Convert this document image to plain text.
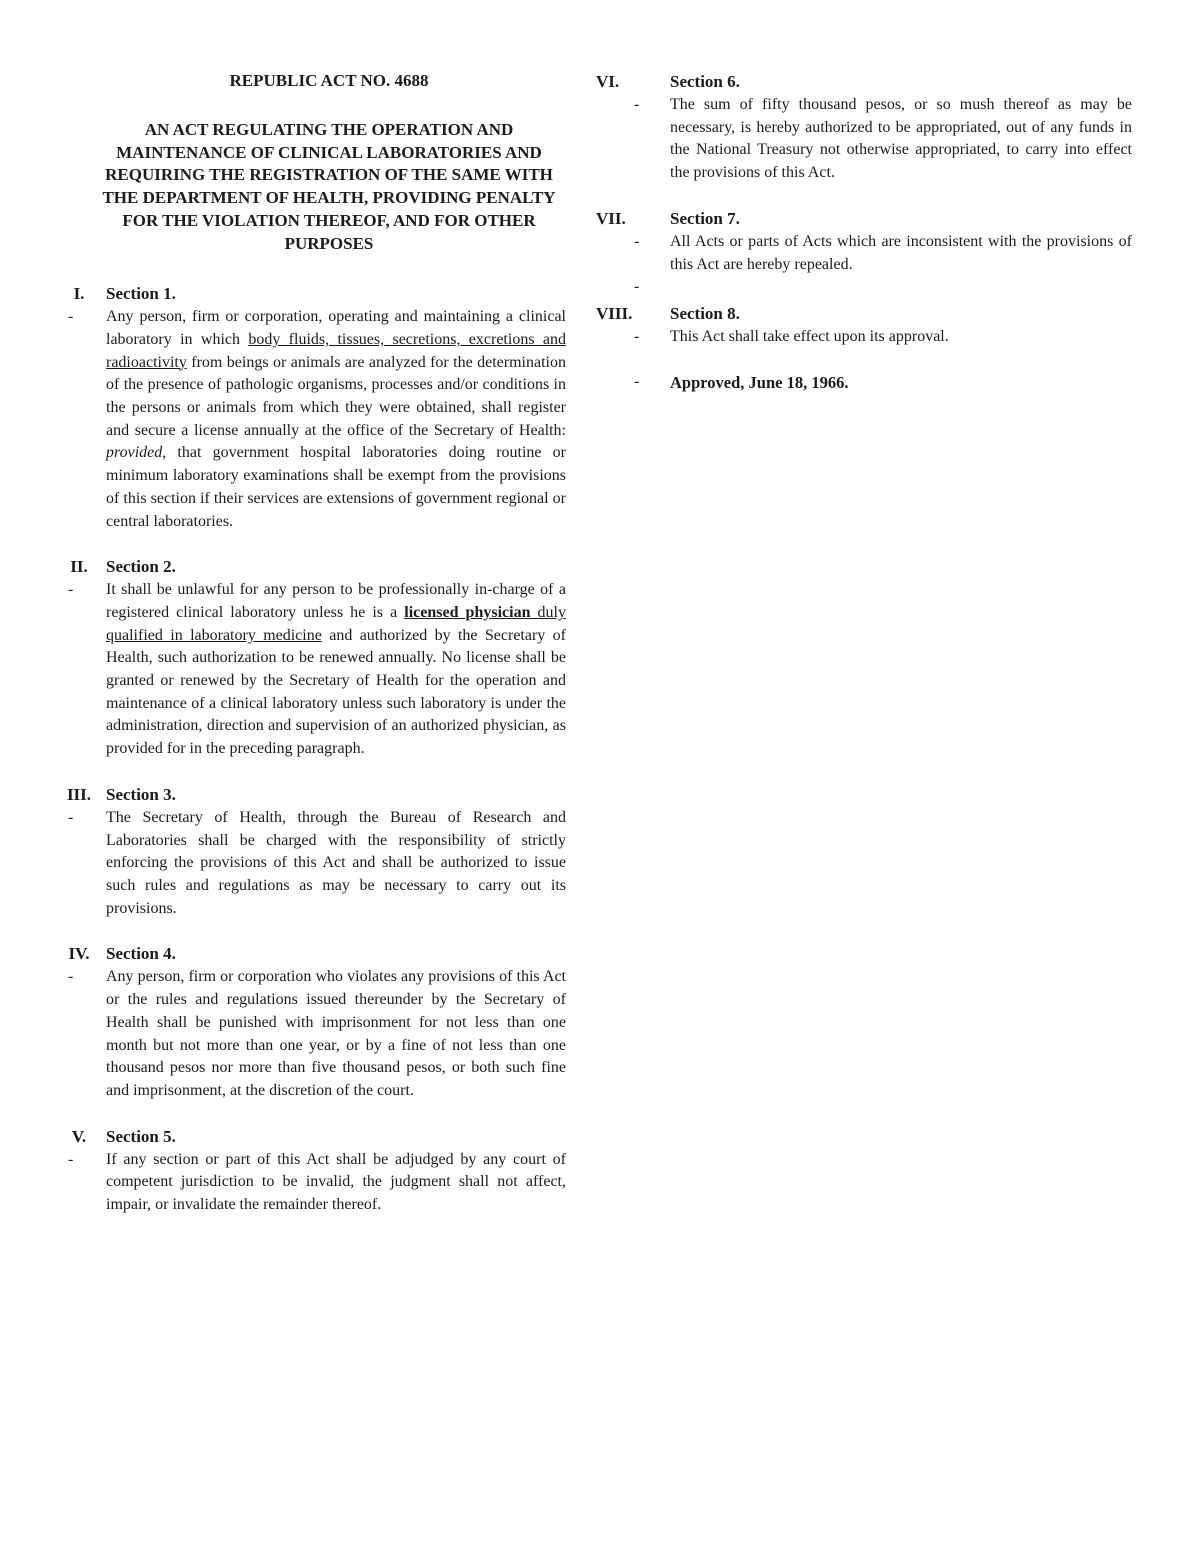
REPUBLIC ACT NO. 4688
AN ACT REGULATING THE OPERATION AND MAINTENANCE OF CLINICAL LABORATORIES AND REQUIRING THE REGISTRATION OF THE SAME WITH THE DEPARTMENT OF HEALTH, PROVIDING PENALTY FOR THE VIOLATION THEREOF, AND FOR OTHER PURPOSES
I.	Section 1.
-	Any person, firm or corporation, operating and maintaining a clinical laboratory in which body fluids, tissues, secretions, excretions and radioactivity from beings or animals are analyzed for the determination of the presence of pathologic organisms, processes and/or conditions in the persons or animals from which they were obtained, shall register and secure a license annually at the office of the Secretary of Health: provided, that government hospital laboratories doing routine or minimum laboratory examinations shall be exempt from the provisions of this section if their services are extensions of government regional or central laboratories.
II.	Section 2.
-	It shall be unlawful for any person to be professionally in-charge of a registered clinical laboratory unless he is a licensed physician duly qualified in laboratory medicine and authorized by the Secretary of Health, such authorization to be renewed annually. No license shall be granted or renewed by the Secretary of Health for the operation and maintenance of a clinical laboratory unless such laboratory is under the administration, direction and supervision of an authorized physician, as provided for in the preceding paragraph.
III. Section 3.
-	The Secretary of Health, through the Bureau of Research and Laboratories shall be charged with the responsibility of strictly enforcing the provisions of this Act and shall be authorized to issue such rules and regulations as may be necessary to carry out its provisions.
IV. Section 4.
-	Any person, firm or corporation who violates any provisions of this Act or the rules and regulations issued thereunder by the Secretary of Health shall be punished with imprisonment for not less than one month but not more than one year, or by a fine of not less than one thousand pesos nor more than five thousand pesos, or both such fine and imprisonment, at the discretion of the court.
V.	Section 5.
-	If any section or part of this Act shall be adjudged by any court of competent jurisdiction to be invalid, the judgment shall not affect, impair, or invalidate the remainder thereof.
VI.	Section 6.
-	The sum of fifty thousand pesos, or so mush thereof as may be necessary, is hereby authorized to be appropriated, out of any funds in the National Treasury not otherwise appropriated, to carry into effect the provisions of this Act.
VII.	Section 7.
-	All Acts or parts of Acts which are inconsistent with the provisions of this Act are hereby repealed.
-
VIII.	Section 8.
-	This Act shall take effect upon its approval.
-	Approved, June 18, 1966.
